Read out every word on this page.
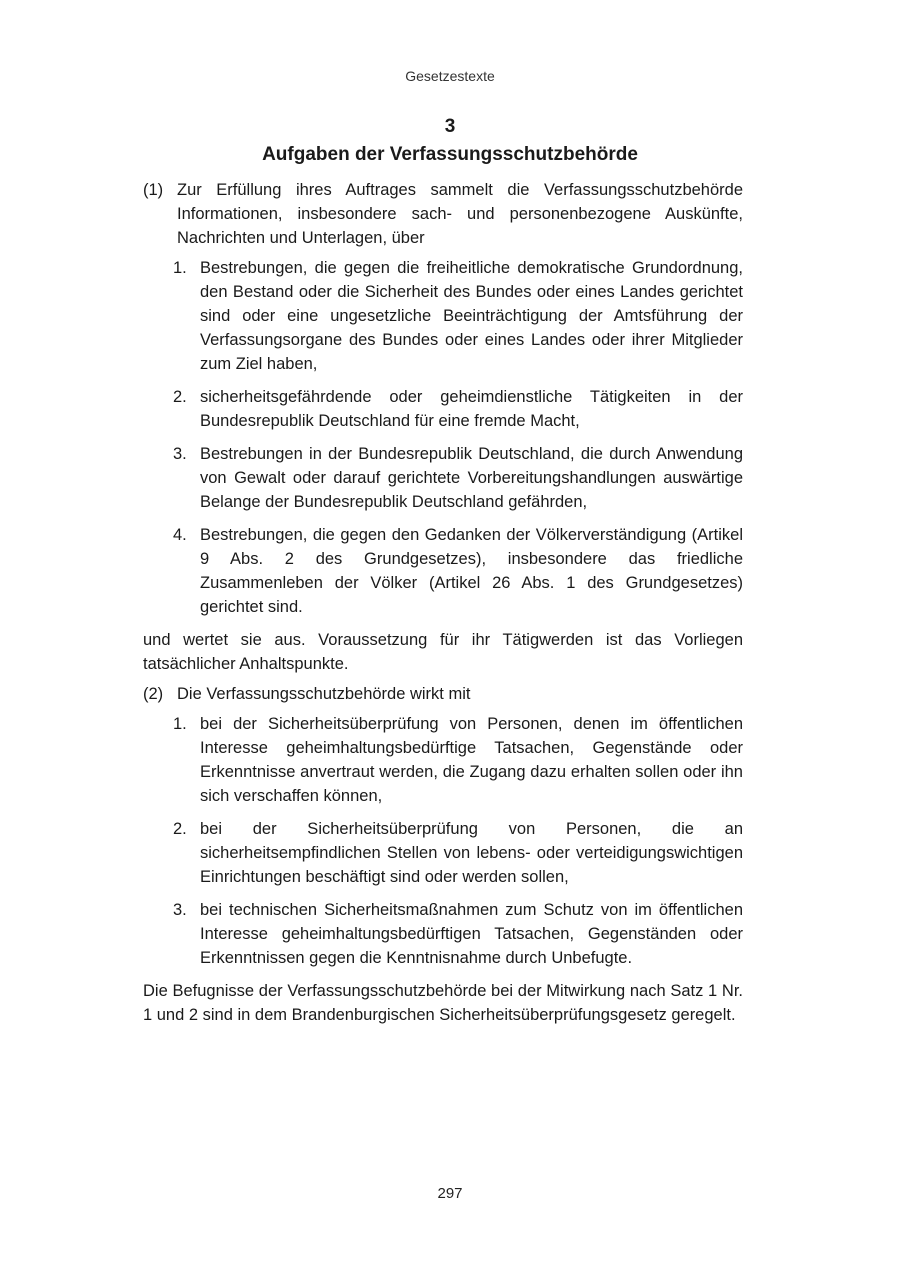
Gesetzestexte
3
Aufgaben der Verfassungsschutzbehörde
(1) Zur Erfüllung ihres Auftrages sammelt die Verfassungsschutzbehörde Informationen, insbesondere sach- und personenbezogene Auskünfte, Nachrichten und Unterlagen, über
1. Bestrebungen, die gegen die freiheitliche demokratische Grundordnung, den Bestand oder die Sicherheit des Bundes oder eines Landes gerichtet sind oder eine ungesetzliche Beeinträchtigung der Amtsführung der Verfassungsorgane des Bundes oder eines Landes oder ihrer Mitglieder zum Ziel haben,
2. sicherheitsgefährdende oder geheimdienstliche Tätigkeiten in der Bundesrepublik Deutschland für eine fremde Macht,
3. Bestrebungen in der Bundesrepublik Deutschland, die durch Anwendung von Gewalt oder darauf gerichtete Vorbereitungshandlungen auswärtige Belange der Bundesrepublik Deutschland gefährden,
4. Bestrebungen, die gegen den Gedanken der Völkerverständigung (Artikel 9 Abs. 2 des Grundgesetzes), insbesondere das friedliche Zusammenleben der Völker (Artikel 26 Abs. 1 des Grundgesetzes) gerichtet sind.
und wertet sie aus. Voraussetzung für ihr Tätigwerden ist das Vorliegen tatsächlicher Anhaltspunkte.
(2) Die Verfassungsschutzbehörde wirkt mit
1. bei der Sicherheitsüberprüfung von Personen, denen im öffentlichen Interesse geheimhaltungsbedürftige Tatsachen, Gegenstände oder Erkenntnisse anvertraut werden, die Zugang dazu erhalten sollen oder ihn sich verschaffen können,
2. bei der Sicherheitsüberprüfung von Personen, die an sicherheitsempfindlichen Stellen von lebens- oder verteidigungswichtigen Einrichtungen beschäftigt sind oder werden sollen,
3. bei technischen Sicherheitsmaßnahmen zum Schutz von im öffentlichen Interesse geheimhaltungsbedürftigen Tatsachen, Gegenständen oder Erkenntnissen gegen die Kenntnisnahme durch Unbefugte.
Die Befugnisse der Verfassungsschutzbehörde bei der Mitwirkung nach Satz 1 Nr. 1 und 2 sind in dem Brandenburgischen Sicherheitsüberprüfungsgesetz geregelt.
297
